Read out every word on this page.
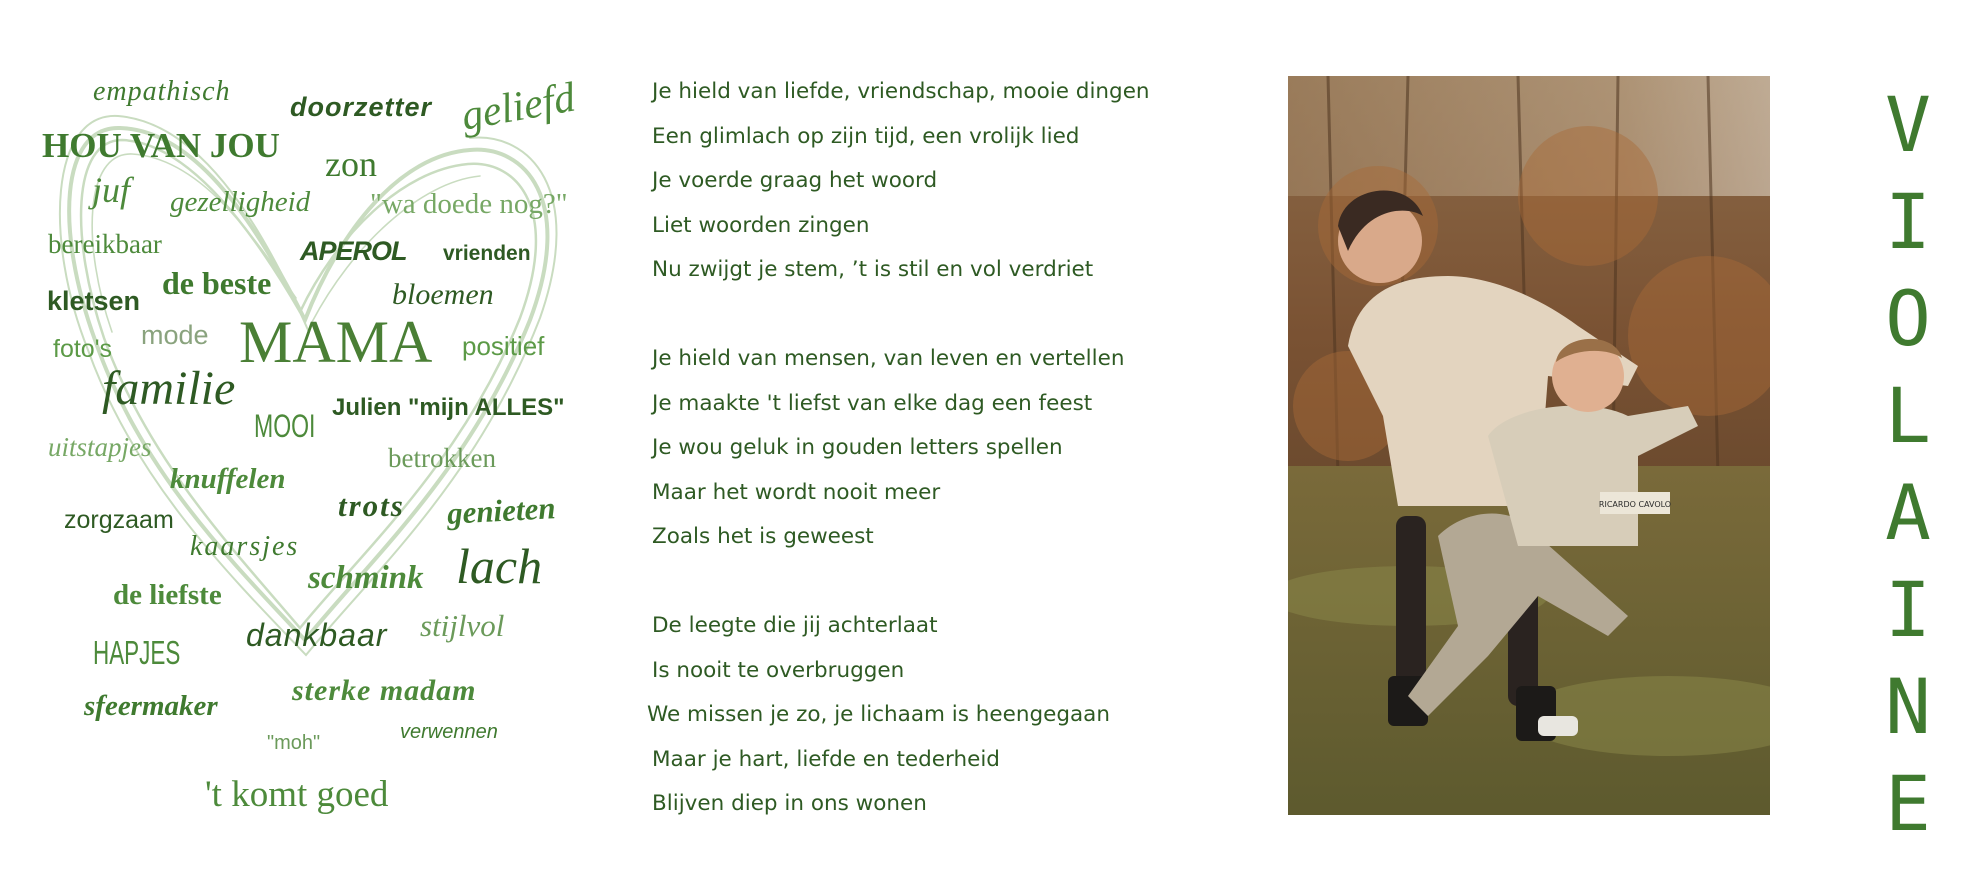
empathisch doorzetter geliefd
HOU VAN JOU zon
juf gezelligheid "wa doede nog?"
bereikbaar	APEROL vrienden
de beste
kletsen	bloemen
foto's mode MAMA positief
familie	Julien "mijn ALLES"
MOOI
uitstapjes	betrokken
knuffelen
trots genieten
zorgzaam
kaarsjes	lach
schmink
de liefste
stijlvol
HAPJES dankbaar
sfeermaker sterke madam
"moh"	verwennen
't komt goed
Je hield van liefde, vriendschap, mooie dingen
Een glimlach op zijn tijd, een vrolijk lied
Je voerde graag het woord
Liet woorden zingen
Nu zwijgt je stem, ’t is stil en vol verdriet
Je hield van mensen, van leven en vertellen
Je maakte 't liefst van elke dag een feest
Je wou geluk in gouden letters spellen
Maar het wordt nooit meer
Zoals het is geweest
De leegte die jij achterlaat
Is nooit te overbruggen
We missen je zo, je lichaam is heengegaan
Maar je hart, liefde en tederheid
Blijven diep in ons wonen
RICARDO CAVOLO
V
I
O
L
A
I
N
E
